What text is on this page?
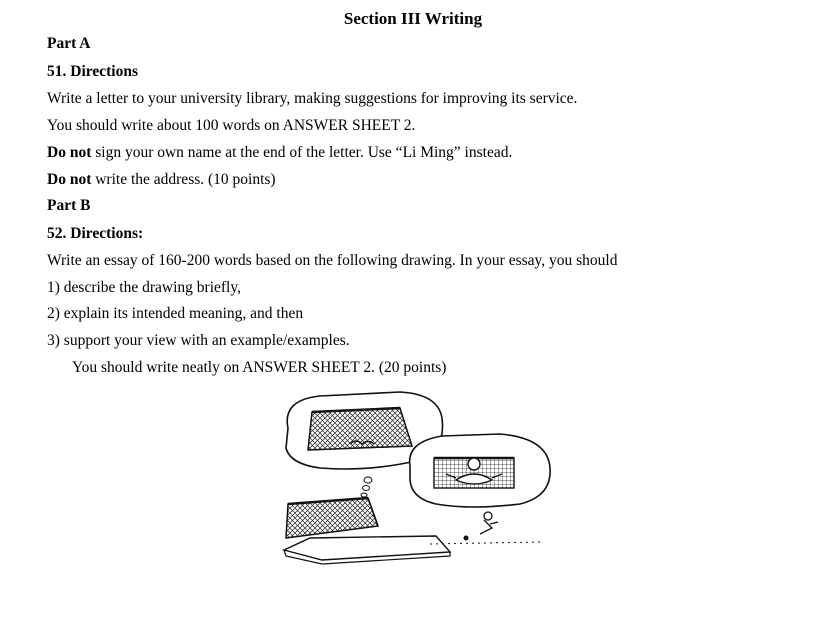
Section III Writing
Part A
51. Directions
Write a letter to your university library, making suggestions for improving its service.
You should write about 100 words on ANSWER SHEET 2.
Do not sign your own name at the end of the letter. Use “Li Ming” instead.
Do not write the address. (10 points)
Part B
52. Directions:
Write an essay of 160-200 words based on the following drawing. In your essay, you should
1) describe the drawing briefly,
2) explain its intended meaning, and then
3) support your view with an example/examples.
You should write neatly on ANSWER SHEET 2. (20 points)
